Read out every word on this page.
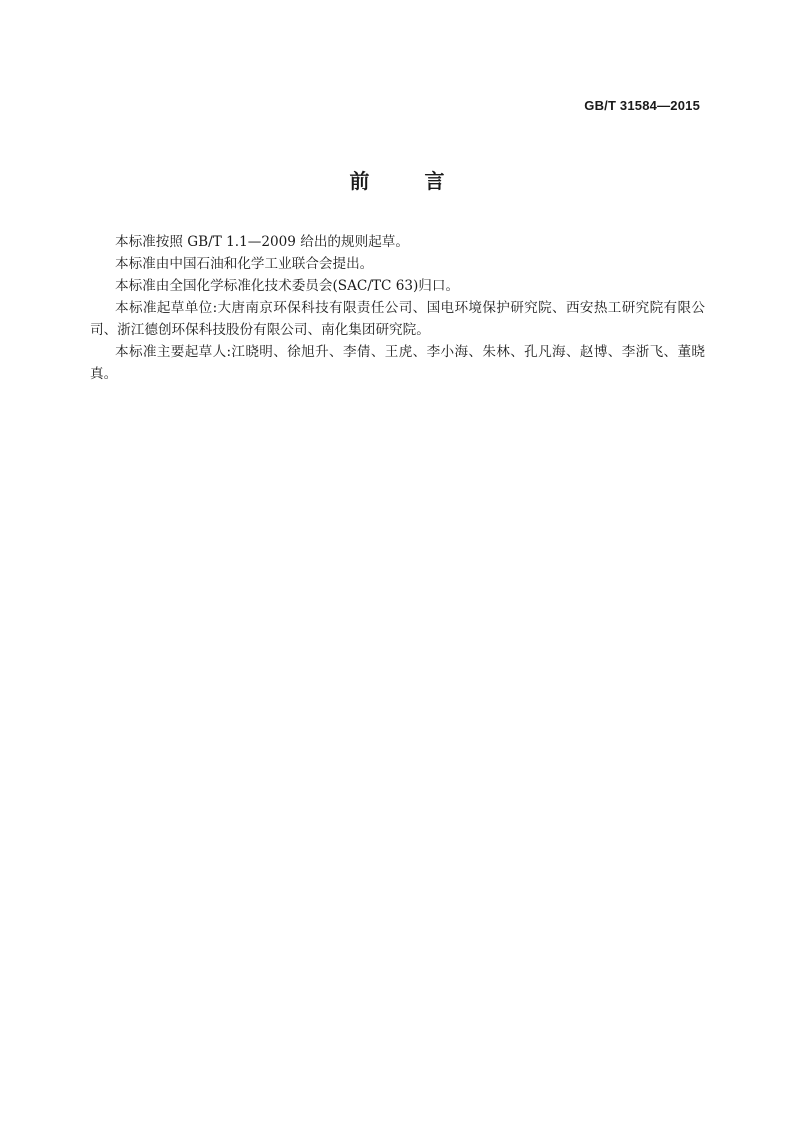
GB/T 31584—2015
前 言

本标准按照 GB/T 1.1—2009 给出的规则起草。

本标准由中国石油和化学工业联合会提出。

本标准由全国化学标准化技术委员会(SAC/TC 63)归口。

本标准起草单位:大唐南京环保科技有限责任公司、国电环境保护研究院、西安热工研究院有限公司、浙江德创环保科技股份有限公司、南化集团研究院。

本标准主要起草人:江晓明、徐旭升、李倩、王虎、李小海、朱林、孔凡海、赵博、李浙飞、董晓真。
